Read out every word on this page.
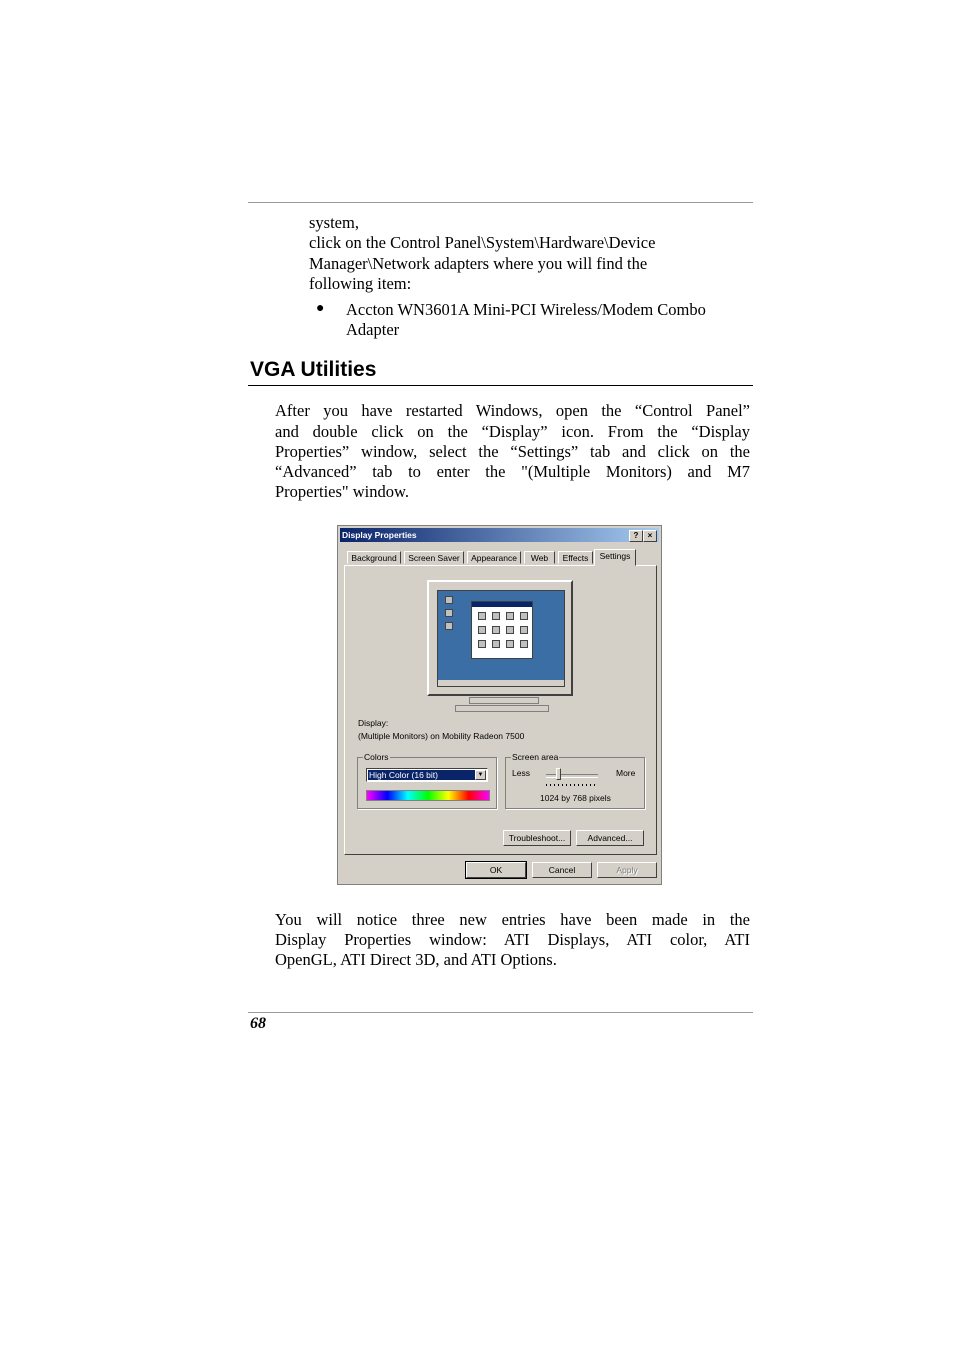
system,

click on the Control Panel\System\Hardware\Device

Manager\Network adapters where you will find the

following item:

● Accton WN3601A Mini-PCI Wireless/Modem Combo

Adapter

VGA Utilities

After you have restarted Windows, open the “Control Panel”

and double click on the “Display” icon. From the “Display

Properties” window, select the “Settings” tab and click on the

“Advanced” tab to enter the "(Multiple Monitors) and M7

Properties" window.

Display Properties	?	×
Background	Screen Saver	Appearance	Web	Effects	Settings
Display:
(Multiple Monitors) on Mobility Radeon 7500
Colors
High Color (16 bit)	▼
Screen area
Less	More
1024 by 768 pixels
Troubleshoot...	Advanced...
OK	Cancel	Apply

You will notice three new entries have been made in the

Display Properties window: ATI Displays, ATI color, ATI

OpenGL, ATI Direct 3D, and ATI Options.

68
